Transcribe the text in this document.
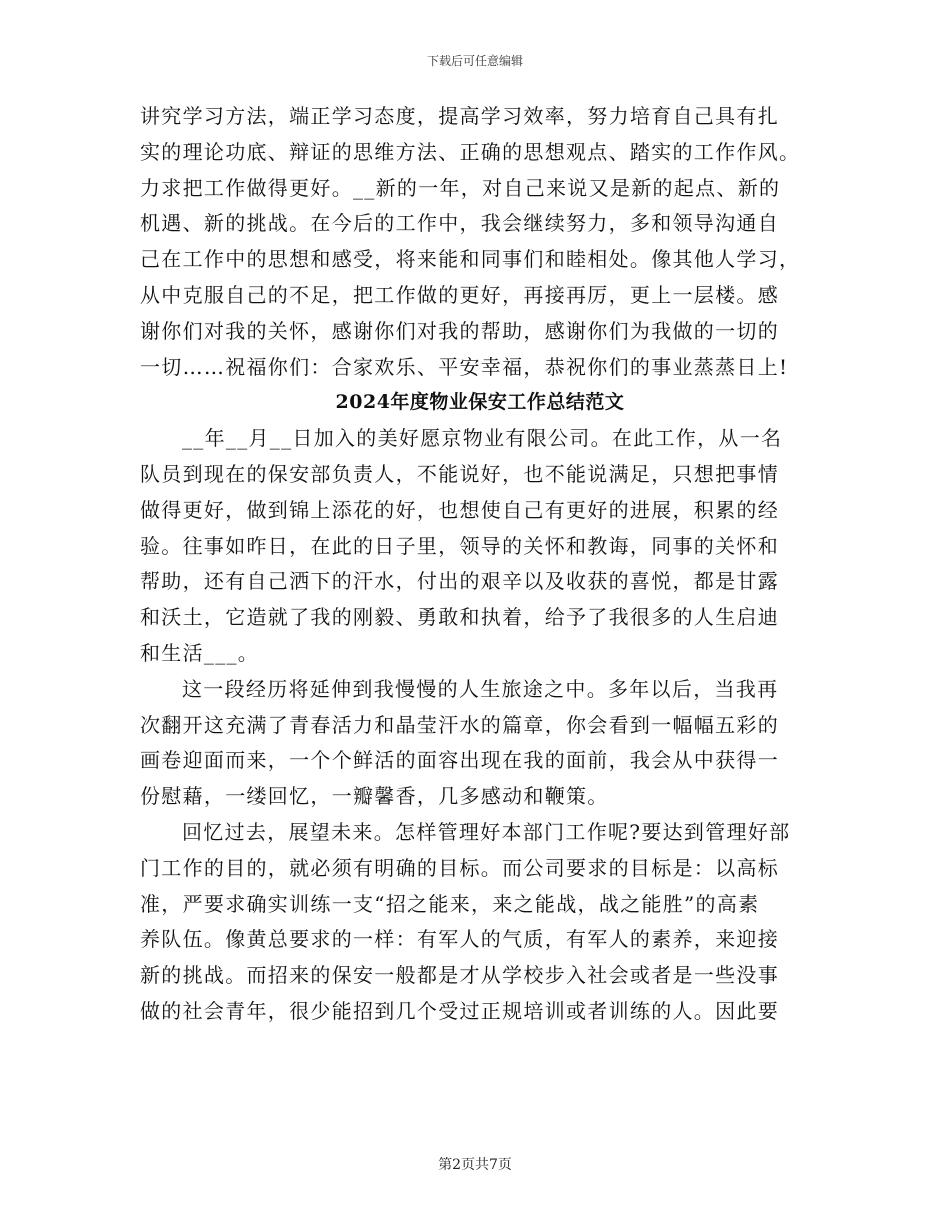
下载后可任意编辑
讲究学习方法，端正学习态度，提高学习效率，努力培育自己具有扎
实的理论功底、辩证的思维方法、正确的思想观点、踏实的工作作风。
力求把工作做得更好。__新的一年，对自己来说又是新的起点、新的
机遇、新的挑战。在今后的工作中，我会继续努力，多和领导沟通自
己在工作中的思想和感受，将来能和同事们和睦相处。像其他人学习，
从中克服自己的不足，把工作做的更好，再接再厉，更上一层楼。感
谢你们对我的关怀，感谢你们对我的帮助，感谢你们为我做的一切的
一切……祝福你们：合家欢乐、平安幸福，恭祝你们的事业蒸蒸日上!
2024年度物业保安工作总结范文
__年__月__日加入的美好愿京物业有限公司。在此工作，从一名
队员到现在的保安部负责人，不能说好，也不能说满足，只想把事情
做得更好，做到锦上添花的好，也想使自己有更好的进展，积累的经
验。往事如昨日，在此的日子里，领导的关怀和教诲，同事的关怀和
帮助，还有自己洒下的汗水，付出的艰辛以及收获的喜悦，都是甘露
和沃土，它造就了我的刚毅、勇敢和执着，给予了我很多的人生启迪
和生活___。
这一段经历将延伸到我慢慢的人生旅途之中。多年以后，当我再
次翻开这充满了青春活力和晶莹汗水的篇章，你会看到一幅幅五彩的
画卷迎面而来，一个个鲜活的面容出现在我的面前，我会从中获得一
份慰藉，一缕回忆，一瓣馨香，几多感动和鞭策。
回忆过去，展望未来。怎样管理好本部门工作呢?要达到管理好部
门工作的目的，就必须有明确的目标。而公司要求的目标是：以高标
准，严要求确实训练一支“招之能来，来之能战，战之能胜”的高素
养队伍。像黄总要求的一样：有军人的气质，有军人的素养，来迎接
新的挑战。而招来的保安一般都是才从学校步入社会或者是一些没事
做的社会青年，很少能招到几个受过正规培训或者训练的人。因此要
第2页共7页
